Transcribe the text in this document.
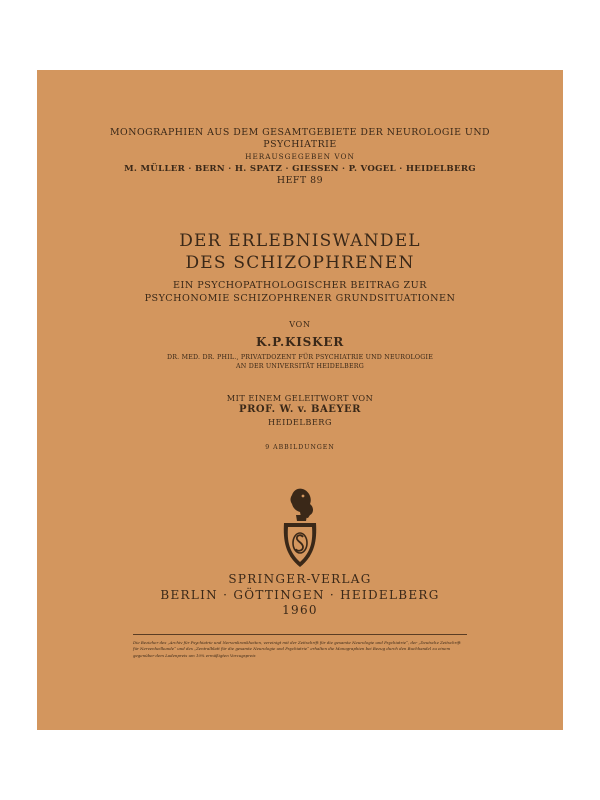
MONOGRAPHIEN AUS DEM GESAMTGEBIETE DER NEUROLOGIE UND
PSYCHIATRIE
HERAUSGEGEBEN VON
M. MÜLLER · BERN · H. SPATZ · GIESSEN · P. VOGEL · HEIDELBERG
HEFT 89
DER ERLEBNISWANDEL
DES SCHIZOPHRENEN
EIN PSYCHOPATHOLOGISCHER BEITRAG ZUR
PSYCHONOMIE SCHIZOPHRENER GRUNDSITUATIONEN
VON
K.P.KISKER
DR. MED. DR. PHIL., PRIVATDOZENT FÜR PSYCHIATRIE UND NEUROLOGIE
AN DER UNIVERSITÄT HEIDELBERG
MIT EINEM GELEITWORT VON
PROF. W. v. BAEYER
HEIDELBERG
9 ABBILDUNGEN
SPRINGER-VERLAG
BERLIN · GÖTTINGEN · HEIDELBERG
1960
Die Bezieher des „Archiv für Psychiatrie und Nervenkrankheiten, vereinigt mit der Zeitschrift für die gesamte Neurologie und Psychiatrie“, der „Deutsche Zeitschrift für Nervenheilkunde“ und des „Zentralblatt für die gesamte Neurologie und Psychiatrie“ erhalten die Monographien bei Bezug durch den Buchhandel zu einem gegenüber dem Ladenpreis um 10% ermäßigten Vorzugspreis
